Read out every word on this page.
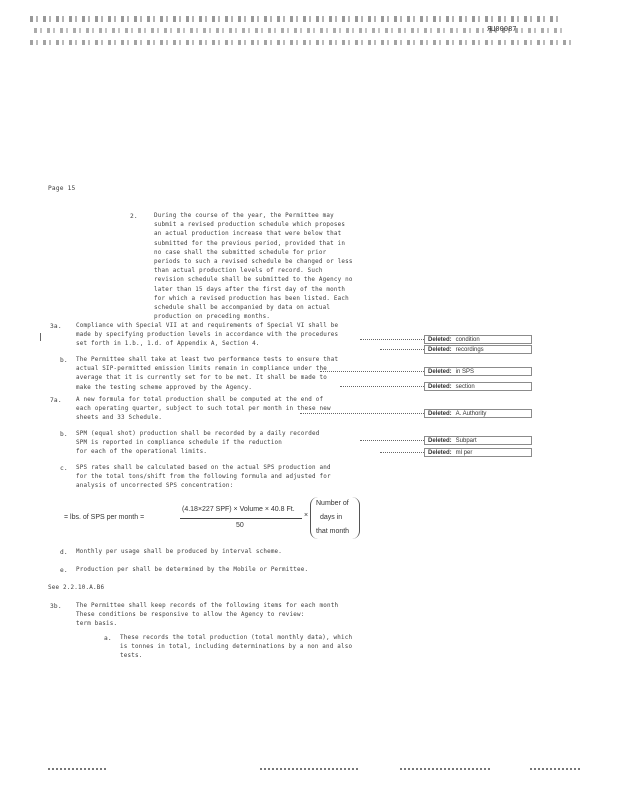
ЯЦ00087
Page 15
2.	During the course of the year, the Permittee may
submit a revised production schedule which proposes
an actual production increase that were below that
submitted for the previous period, provided that in
no case shall the submitted schedule for prior
periods to such a revised schedule be changed or less
than actual production levels of record. Such
revision schedule shall be submitted to the Agency no
later than 15 days after the first day of the month
for which a revised production has been listed. Each
schedule shall be accompanied by data on actual
production on preceding months.
3a. Compliance with Special VII at and requirements of Special VI shall be
made by specifying production levels in accordance with the procedures
set forth in 1.b., 1.d. of Appendix A, Section 4.
b. The Permittee shall take at least two performance tests to ensure that
actual SIP-permitted emission limits remain in compliance under the
average that it is currently set for to be met. It shall be made to
make the testing scheme approved by the Agency.
7a. A new formula for total production shall be computed at the end of
each operating quarter, subject to such total per month in these new
sheets and 33 Schedule.
b. SPM (equal shot) production shall be recorded by a daily recorded
SPM is reported in compliance schedule if the reduction
for each of the operational limits.
c. SPS rates shall be calculated based on the actual SPS production and
for the total tons/shift from the following formula and adjusted for
analysis of uncorrected SPS concentration:
= lbs. of SPS per month =
(4.18×227 SPF) × Volume × 40.8 Ft.
50
×
Number of
days in
that month
d. Monthly per usage shall be produced by interval scheme.
e. Production per shall be determined by the Mobile or Permittee.
See 2.2.10.A.B6
3b. The Permittee shall keep records of the following items for each month
These conditions be responsive to allow the Agency to review:
term basis.
a. These records the total production (total monthly data), which
is tonnes in total, including determinations by a non and also
tests.
Deleted: condition
Deleted: recordings
Deleted: in SPS
Deleted: section
Deleted: A. Authority
Deleted: Subpart
Deleted: ml per
